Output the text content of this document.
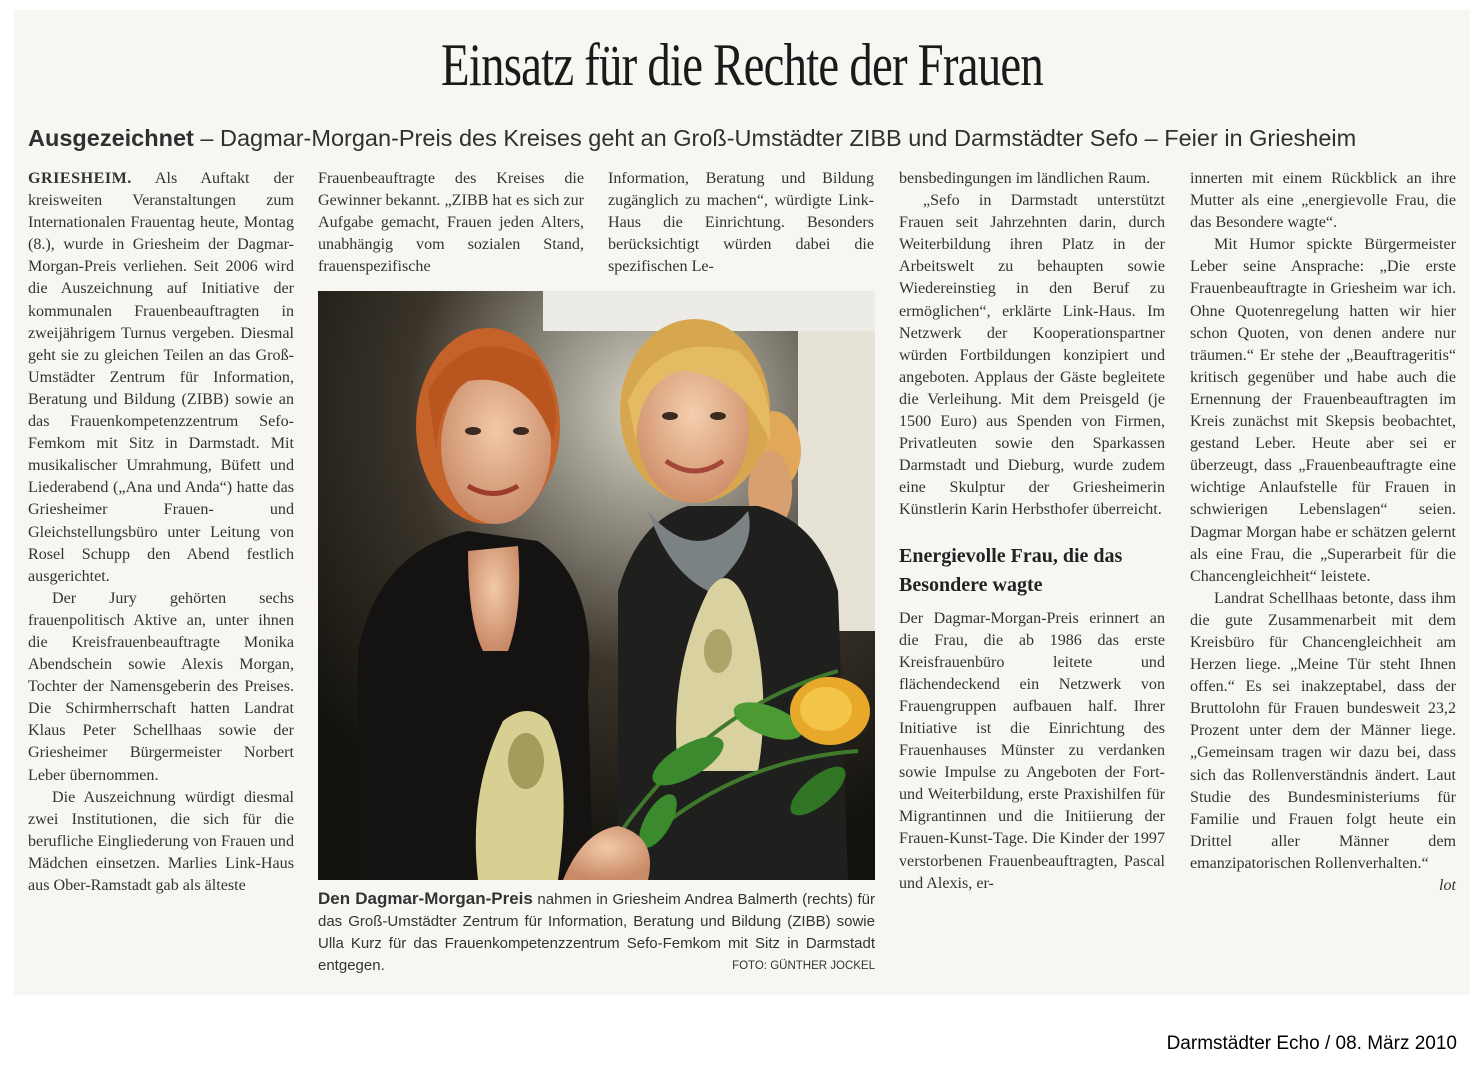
Einsatz für die Rechte der Frauen
Ausgezeichnet – Dagmar-Morgan-Preis des Kreises geht an Groß-Umstädter ZIBB und Darmstädter Sefo – Feier in Griesheim

GRIESHEIM. Als Auftakt der kreisweiten Veranstaltungen zum Internationalen Frauentag heute, Montag (8.), wurde in Griesheim der Dagmar-Morgan-Preis verliehen. Seit 2006 wird die Auszeichnung auf Initiative der kommunalen Frauenbeauftragten in zweijährigem Turnus vergeben. Diesmal geht sie zu gleichen Teilen an das Groß-Umstädter Zentrum für Information, Beratung und Bildung (ZIBB) sowie an das Frauenkompetenzzentrum Sefo-Femkom mit Sitz in Darmstadt. Mit musikalischer Umrahmung, Büfett und Liederabend („Ana und Anda“) hatte das Griesheimer Frauen- und Gleichstellungsbüro unter Leitung von Rosel Schupp den Abend festlich ausgerichtet.

Der Jury gehörten sechs frauenpolitisch Aktive an, unter ihnen die Kreisfrauenbeauftragte Monika Abendschein sowie Alexis Morgan, Tochter der Namensgeberin des Preises. Die Schirmherrschaft hatten Landrat Klaus Peter Schellhaas sowie der Griesheimer Bürgermeister Norbert Leber übernommen.

Die Auszeichnung würdigt diesmal zwei Institutionen, die sich für die berufliche Eingliederung von Frauen und Mädchen einsetzen. Marlies Link-Haus aus Ober-Ramstadt gab als älteste

Frauenbeauftragte des Kreises die Gewinner bekannt. „ZIBB hat es sich zur Aufgabe gemacht, Frauen jeden Alters, unabhängig vom sozialen Stand, frauenspezifische

Information, Beratung und Bildung zugänglich zu machen“, würdigte Link-Haus die Einrichtung. Besonders berücksichtigt würden dabei die spezifischen Le-

Den Dagmar-Morgan-Preis nahmen in Griesheim Andrea Balmerth (rechts) für das Groß-Umstädter Zentrum für Information, Beratung und Bildung (ZIBB) sowie Ulla Kurz für das Frauenkompetenzzentrum Sefo-Femkom mit Sitz in Darmstadt entgegen.	FOTO: GÜNTHER JOCKEL

bensbedingungen im ländlichen Raum.

„Sefo in Darmstadt unterstützt Frauen seit Jahrzehnten darin, durch Weiterbildung ihren Platz in der Arbeitswelt zu behaupten sowie Wiedereinstieg in den Beruf zu ermöglichen“, erklärte Link-Haus. Im Netzwerk der Kooperationspartner würden Fortbildungen konzipiert und angeboten. Applaus der Gäste begleitete die Verleihung. Mit dem Preisgeld (je 1500 Euro) aus Spenden von Firmen, Privatleuten sowie den Sparkassen Darmstadt und Dieburg, wurde zudem eine Skulptur der Griesheimerin Künstlerin Karin Herbsthofer überreicht.

Energievolle Frau, die das Besondere wagte

Der Dagmar-Morgan-Preis erinnert an die Frau, die ab 1986 das erste Kreisfrauenbüro leitete und flächendeckend ein Netzwerk von Frauengruppen aufbauen half. Ihrer Initiative ist die Einrichtung des Frauenhauses Münster zu verdanken sowie Impulse zu Angeboten der Fort- und Weiterbildung, erste Praxishilfen für Migrantinnen und die Initiierung der Frauen-Kunst-Tage. Die Kinder der 1997 verstorbenen Frauenbeauftragten, Pascal und Alexis, er-

innerten mit einem Rückblick an ihre Mutter als eine „energievolle Frau, die das Besondere wagte“.

Mit Humor spickte Bürgermeister Leber seine Ansprache: „Die erste Frauenbeauftragte in Griesheim war ich. Ohne Quotenregelung hatten wir hier schon Quoten, von denen andere nur träumen.“ Er stehe der „Beauftrageritis“ kritisch gegenüber und habe auch die Ernennung der Frauenbeauftragten im Kreis zunächst mit Skepsis beobachtet, gestand Leber. Heute aber sei er überzeugt, dass „Frauenbeauftragte eine wichtige Anlaufstelle für Frauen in schwierigen Lebenslagen“ seien. Dagmar Morgan habe er schätzen gelernt als eine Frau, die „Superarbeit für die Chancengleichheit“ leistete.

Landrat Schellhaas betonte, dass ihm die gute Zusammenarbeit mit dem Kreisbüro für Chancengleichheit am Herzen liege. „Meine Tür steht Ihnen offen.“ Es sei inakzeptabel, dass der Bruttolohn für Frauen bundesweit 23,2 Prozent unter dem der Männer liege. „Gemeinsam tragen wir dazu bei, dass sich das Rollenverständnis ändert. Laut Studie des Bundesministeriums für Familie und Frauen folgt heute ein Drittel aller Männer dem emanzipatorischen Rollenverhalten.“

lot

Darmstädter Echo / 08. März 2010
